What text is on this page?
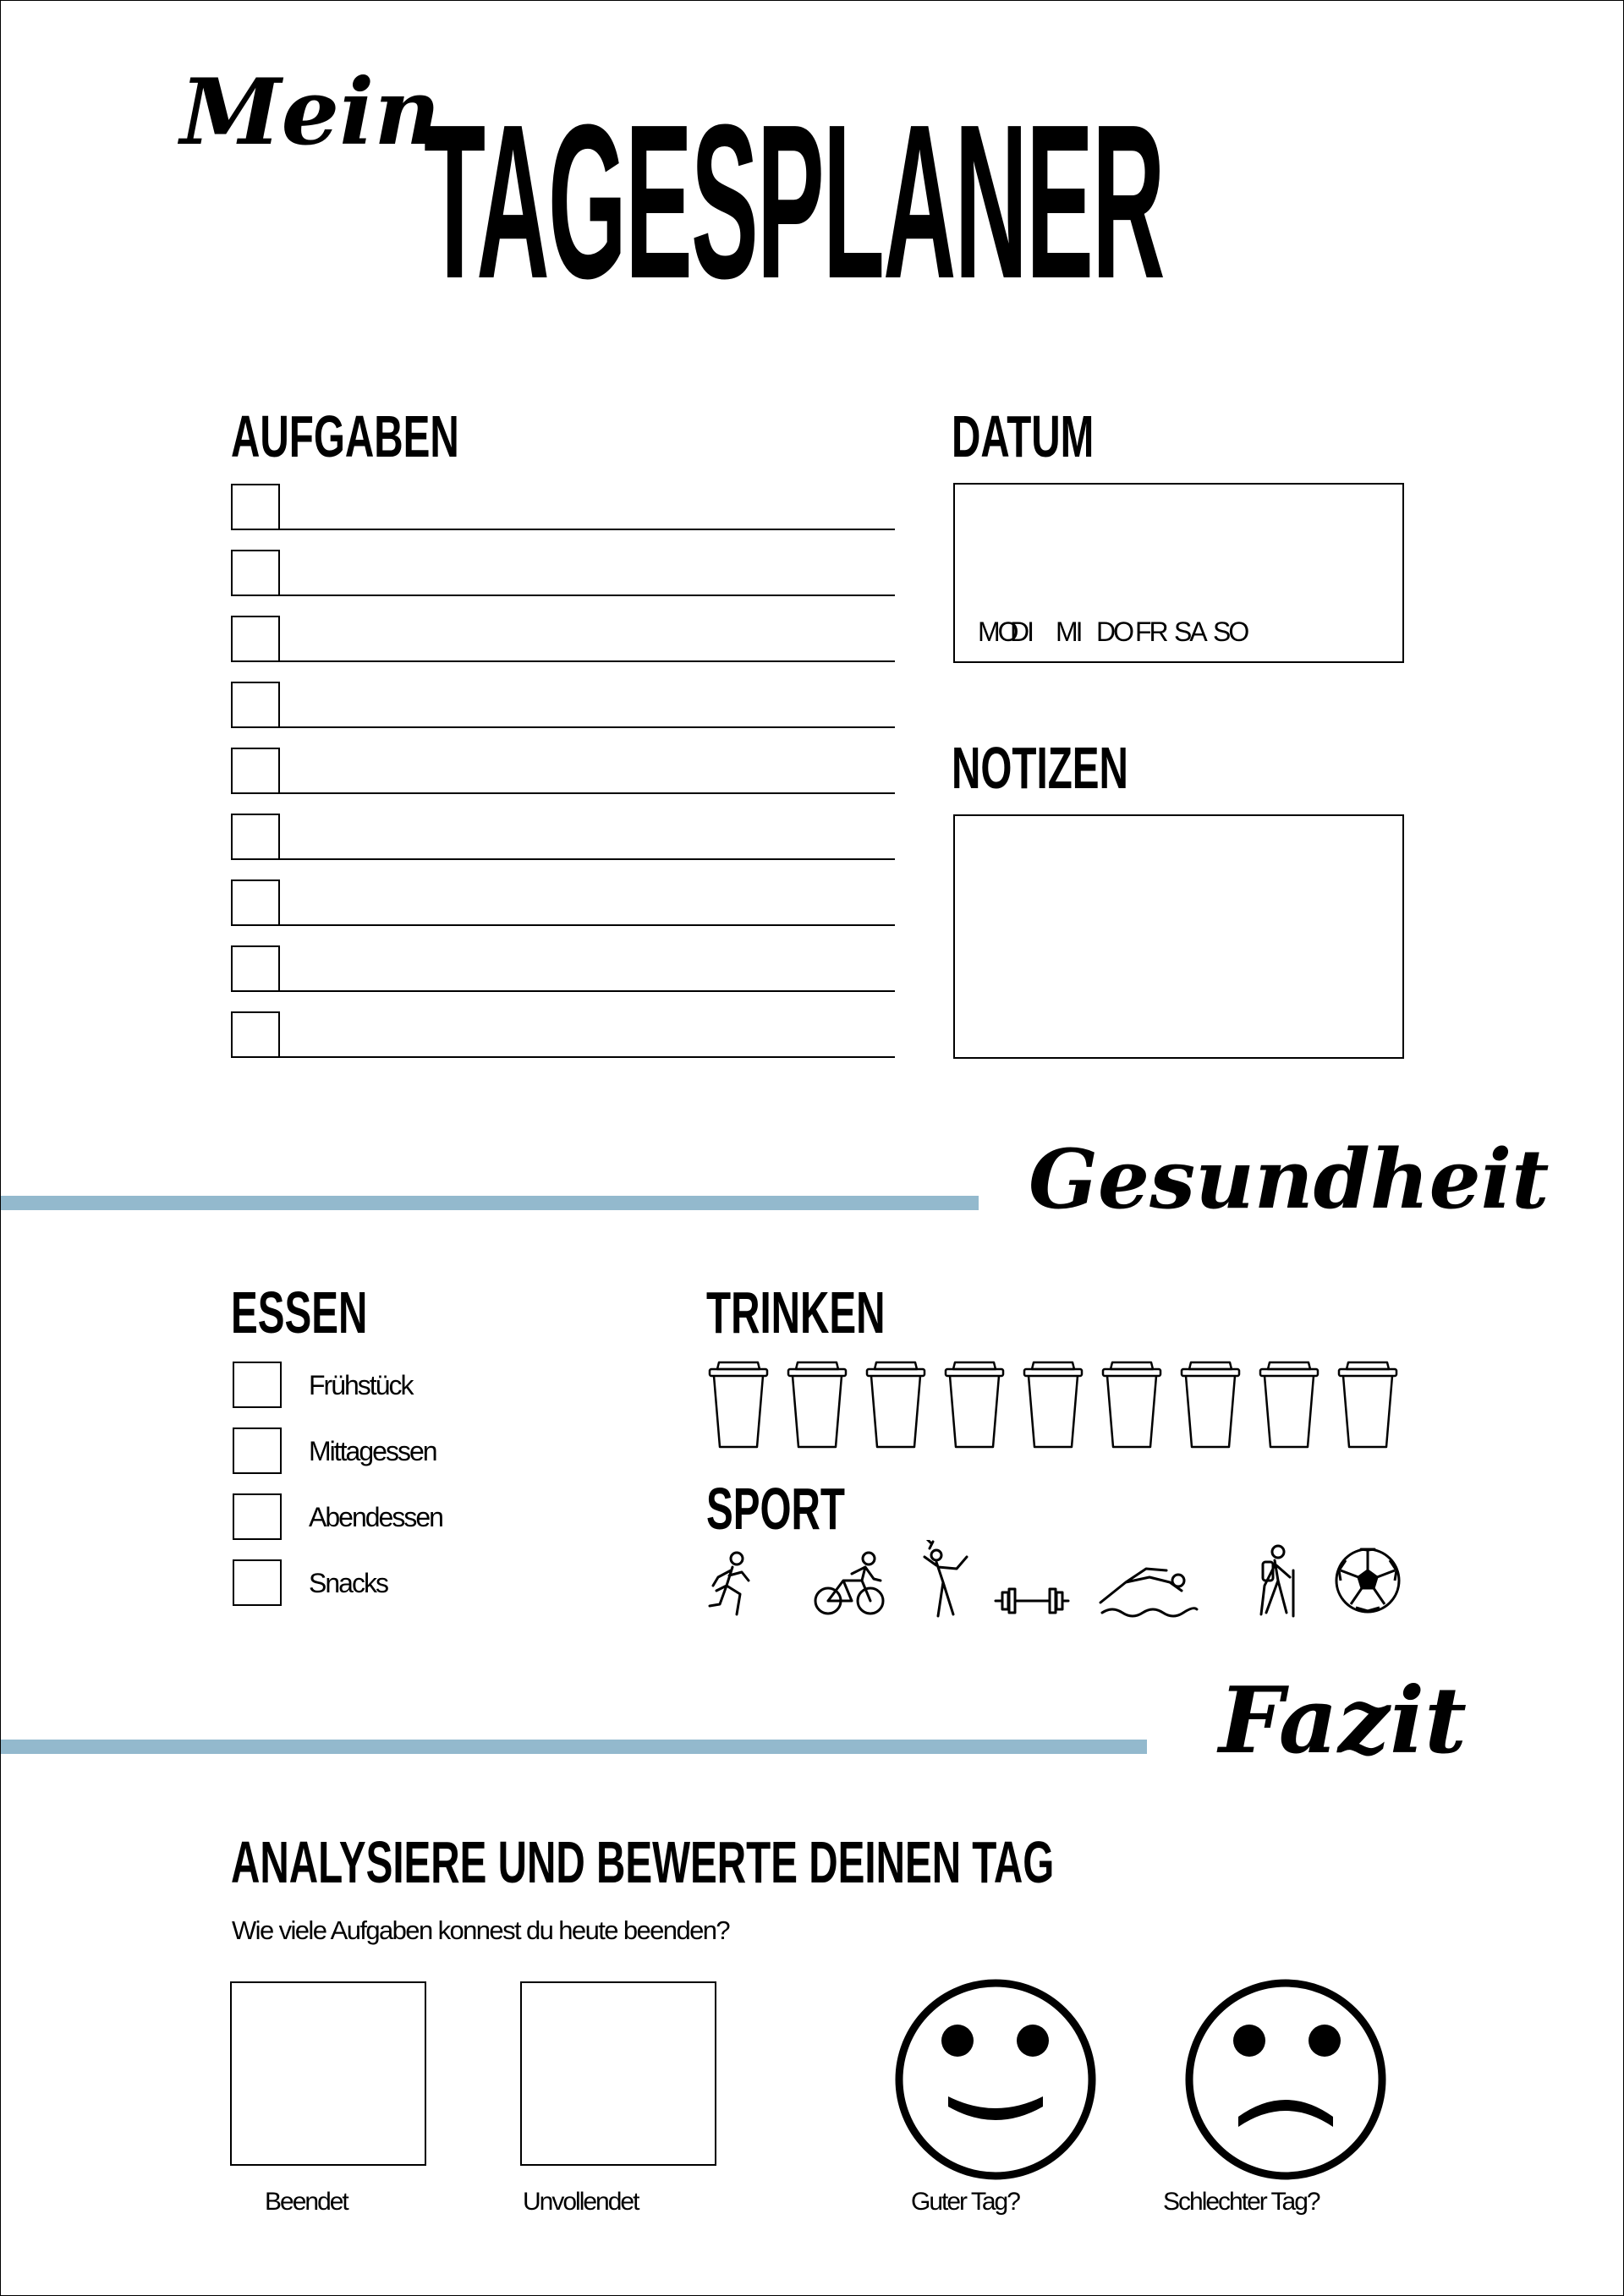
Mein
TAGESPLANER
AUFGABEN	DATUM
MO
DI MI DO FR SA SO
NOTIZEN
Gesundheit
ESSEN
Frühstück
Mittagessen
Abendessen
Snacks
TRINKEN
SPORT
Fazit
ANALYSIERE UND BEWERTE DEINEN TAG
Wie viele Aufgaben konnest du heute beenden?
Beendet	Unvollendet	Guter Tag?	Schlechter Tag?
